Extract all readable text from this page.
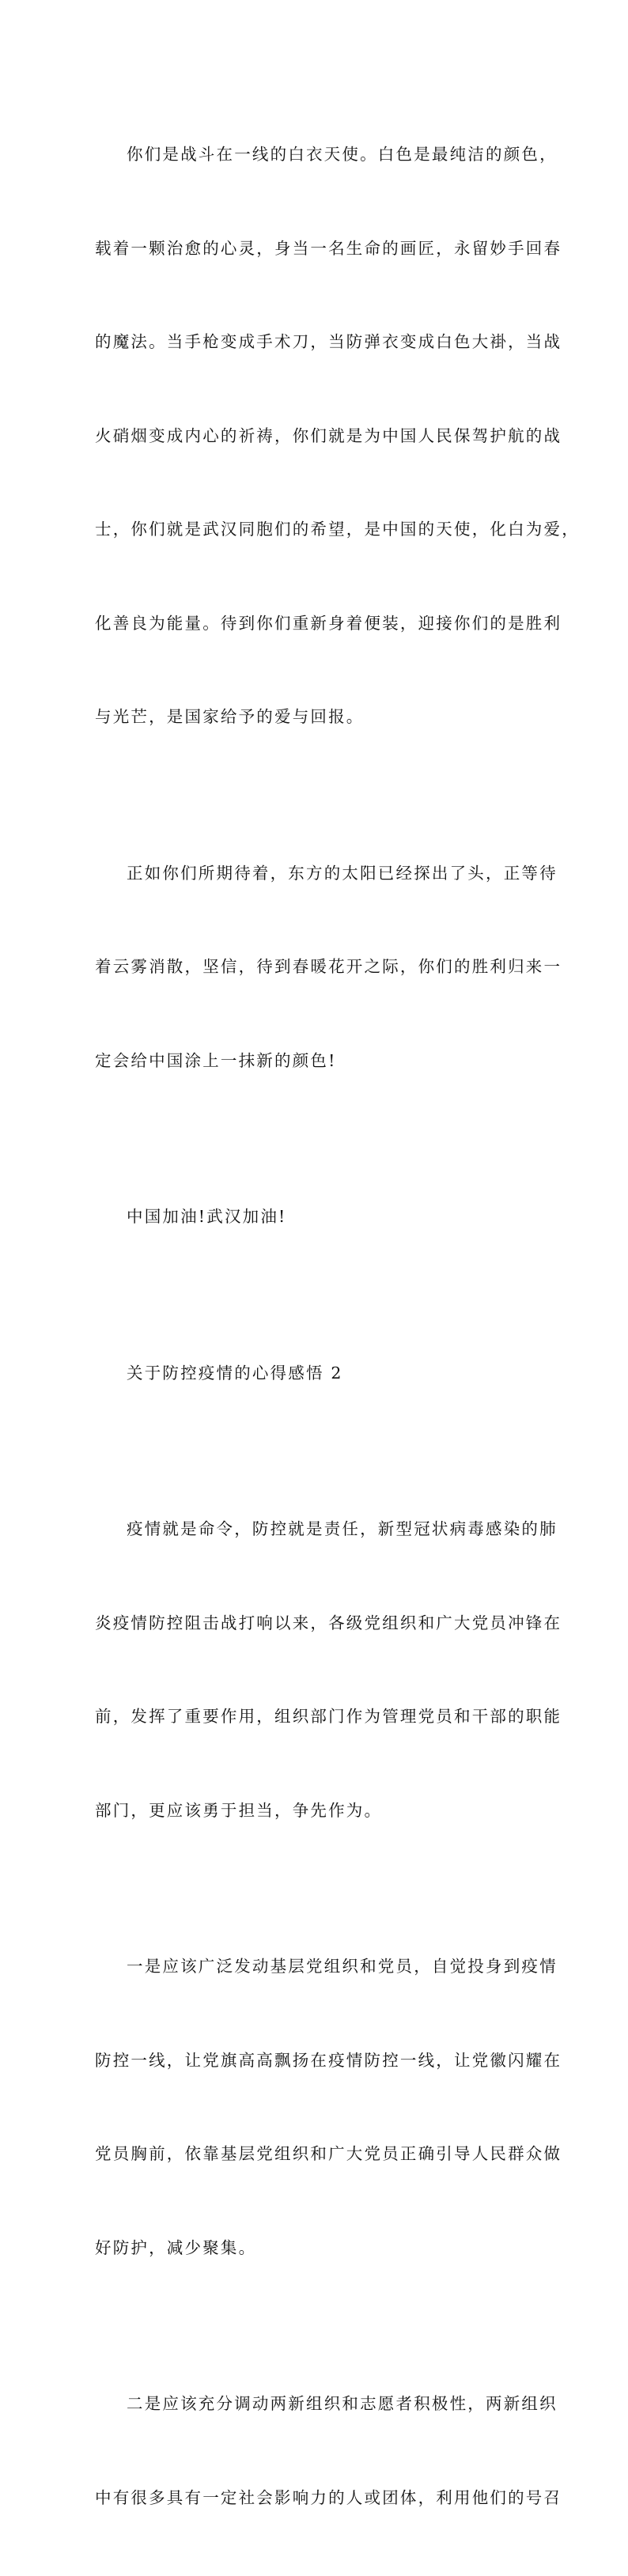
你们是战斗在一线的白衣天使。白色是最纯洁的颜色，

载着一颗治愈的心灵，身当一名生命的画匠，永留妙手回春

的魔法。当手枪变成手术刀，当防弹衣变成白色大褂，当战

火硝烟变成内心的祈祷，你们就是为中国人民保驾护航的战

士，你们就是武汉同胞们的希望，是中国的天使，化白为爱，

化善良为能量。待到你们重新身着便装，迎接你们的是胜利

与光芒，是国家给予的爱与回报。

正如你们所期待着，东方的太阳已经探出了头，正等待

着云雾消散，坚信，待到春暖花开之际，你们的胜利归来一

定会给中国涂上一抹新的颜色!

中国加油!武汉加油!

关于防控疫情的心得感悟 2

疫情就是命令，防控就是责任，新型冠状病毒感染的肺

炎疫情防控阻击战打响以来，各级党组织和广大党员冲锋在

前，发挥了重要作用，组织部门作为管理党员和干部的职能

部门，更应该勇于担当，争先作为。

一是应该广泛发动基层党组织和党员，自觉投身到疫情

防控一线，让党旗高高飘扬在疫情防控一线，让党徽闪耀在

党员胸前，依靠基层党组织和广大党员正确引导人民群众做

好防护，减少聚集。

二是应该充分调动两新组织和志愿者积极性，两新组织

中有很多具有一定社会影响力的人或团体，利用他们的号召
